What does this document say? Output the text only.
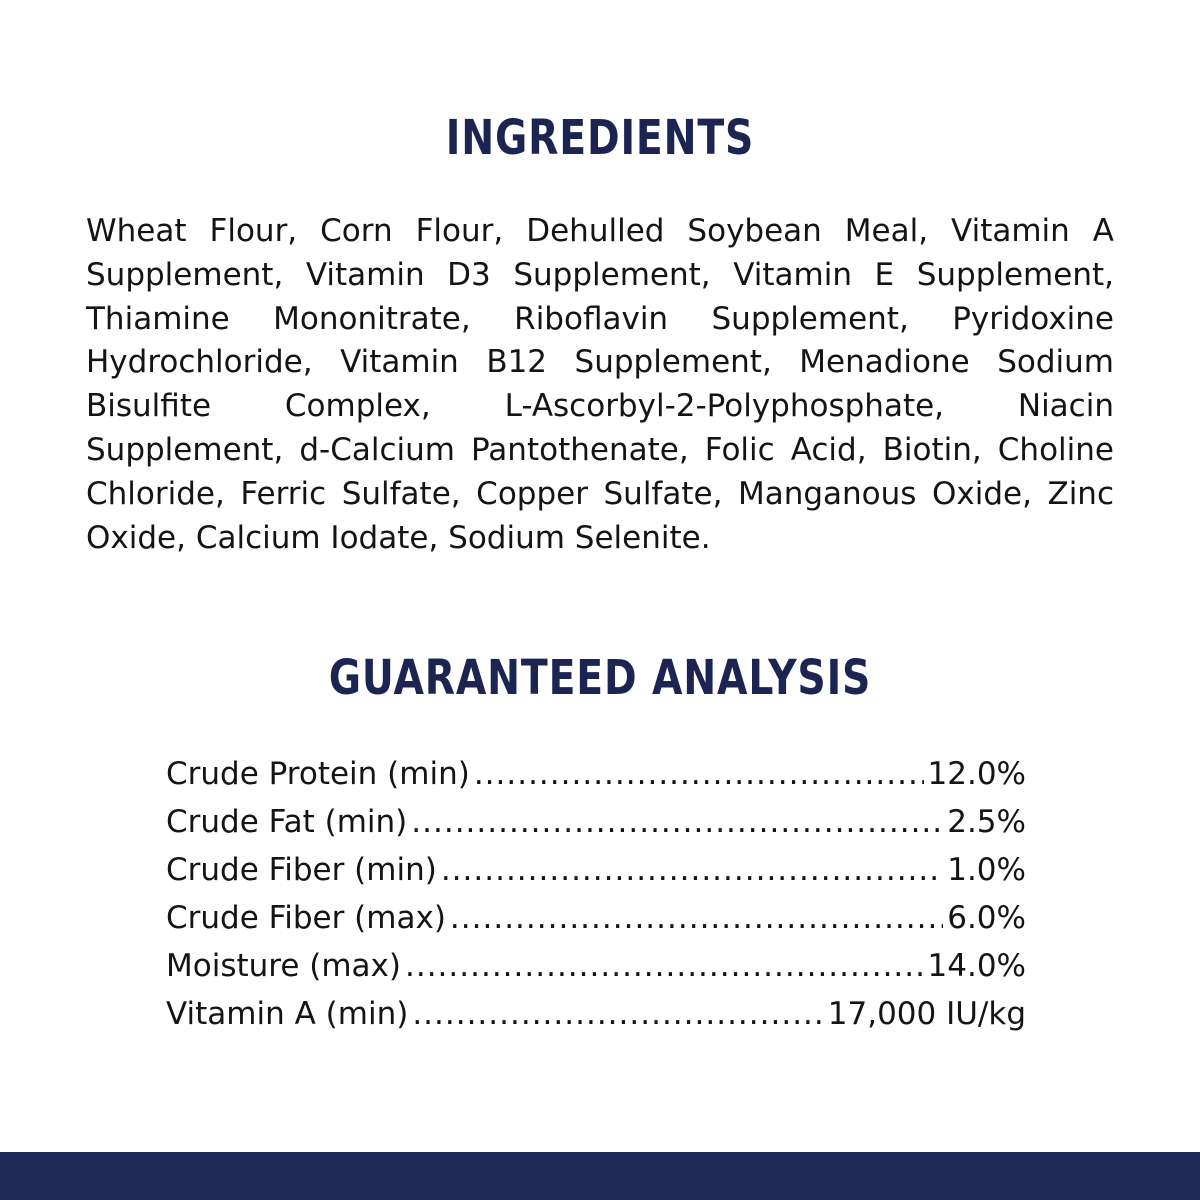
INGREDIENTS
Wheat Flour, Corn Flour, Dehulled Soybean Meal, Vitamin A Supplement, Vitamin D3 Supplement, Vitamin E Supplement, Thiamine Mononitrate, Riboflavin Supplement, Pyridoxine Hydrochloride, Vitamin B12 Supplement, Menadione Sodium Bisulfite Complex, L-Ascorbyl-2-Polyphosphate, Niacin Supplement, d-Calcium Pantothenate, Folic Acid, Biotin, Choline Chloride, Ferric Sulfate, Copper Sulfate, Manganous Oxide, Zinc Oxide, Calcium Iodate, Sodium Selenite.
GUARANTEED ANALYSIS
Crude Protein (min) .....	12.0%
Crude Fat (min) .....	2.5%
Crude Fiber (min) .....	1.0%
Crude Fiber (max) .....	6.0%
Moisture (max) .....	14.0%
Vitamin A (min) .....	17,000 IU/kg
